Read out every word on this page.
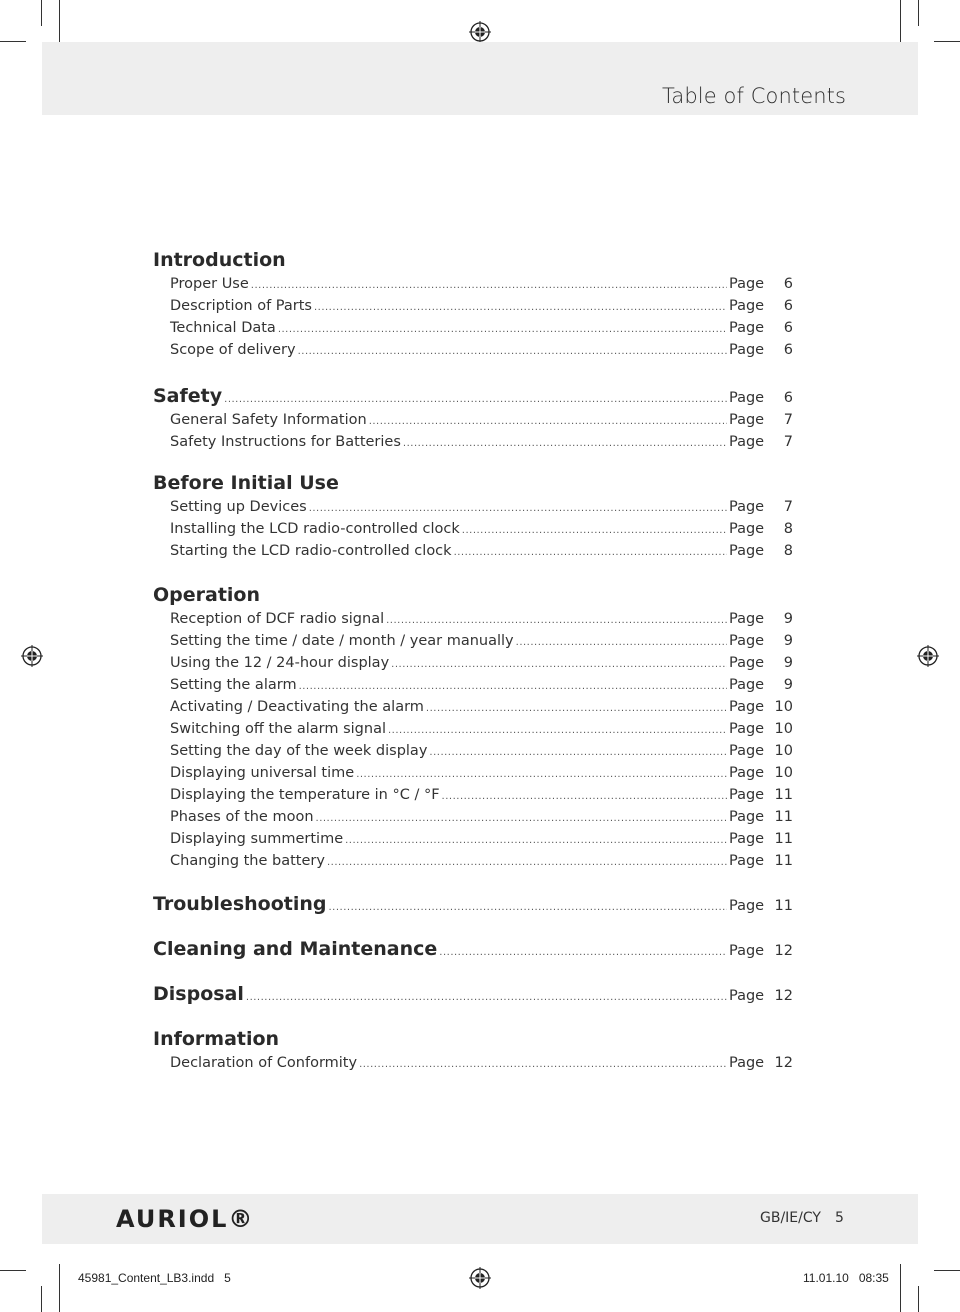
Table of Contents
Introduction
Proper Use .....	Page	6
Description of Parts .....	Page	6
Technical Data .....	Page	6
Scope of delivery .....	Page	6
Safety .....	Page	6
General Safety Information .....	Page	7
Safety Instructions for Batteries .....	Page	7
Before Initial Use
Setting up Devices .....	Page	7
Installing the LCD radio-controlled clock .....	Page	8
Starting the LCD radio-controlled clock .....	Page	8
Operation
Reception of DCF radio signal .....	Page	9
Setting the time / date / month / year manually .....	Page	9
Using the 12 / 24-hour display .....	Page	9
Setting the alarm .....	Page	9
Activating / Deactivating the alarm .....	Page 10
Switching off the alarm signal .....	Page 10
Setting the day of the week display .....	Page 10
Displaying universal time .....	Page 10
Displaying the temperature in °C / °F .....	Page 11
Phases of the moon .....	Page 11
Displaying summertime .....	Page 11
Changing the battery .....	Page 11
Troubleshooting .....	Page 11
Cleaning and Maintenance .....	Page 12
Disposal .....	Page 12
Information
Declaration of Conformity .....	Page 12
AURIOL®	GB/IE/CY 5
45981_Content_LB3.indd   5	11.01.10   08:35
